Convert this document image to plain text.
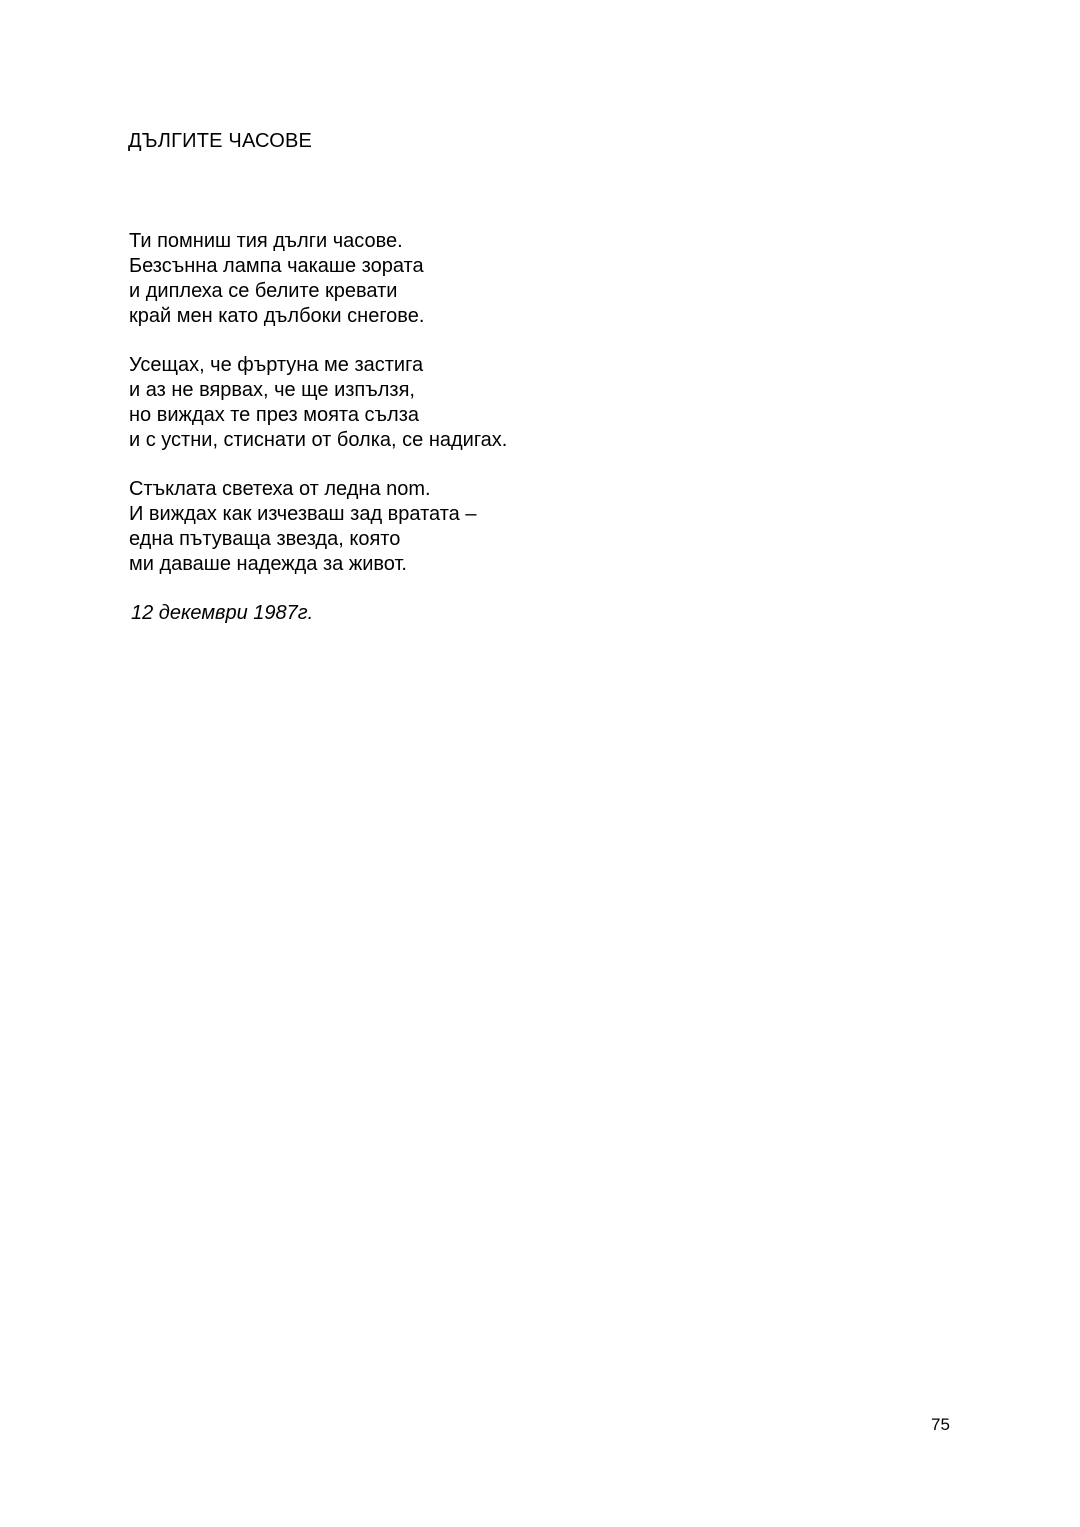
ДЪЛГИТЕ ЧАСОВЕ
Ти помниш тия дълги часове.
Безсънна лампа чакаше зората
и диплеха се белите кревати
край мен като дълбоки снегове.
Усещах, че фъртуна ме застига
и аз не вярвах, че ще изпълзя,
но виждах те през моята сълза
и с устни, стиснати от болка, се надигах.
Стъклата светеха от ледна nom.
И виждах как изчезваш зад вратата –
една пътуваща звезда, която
ми даваше надежда за живот.
12 декември 1987г.
75
